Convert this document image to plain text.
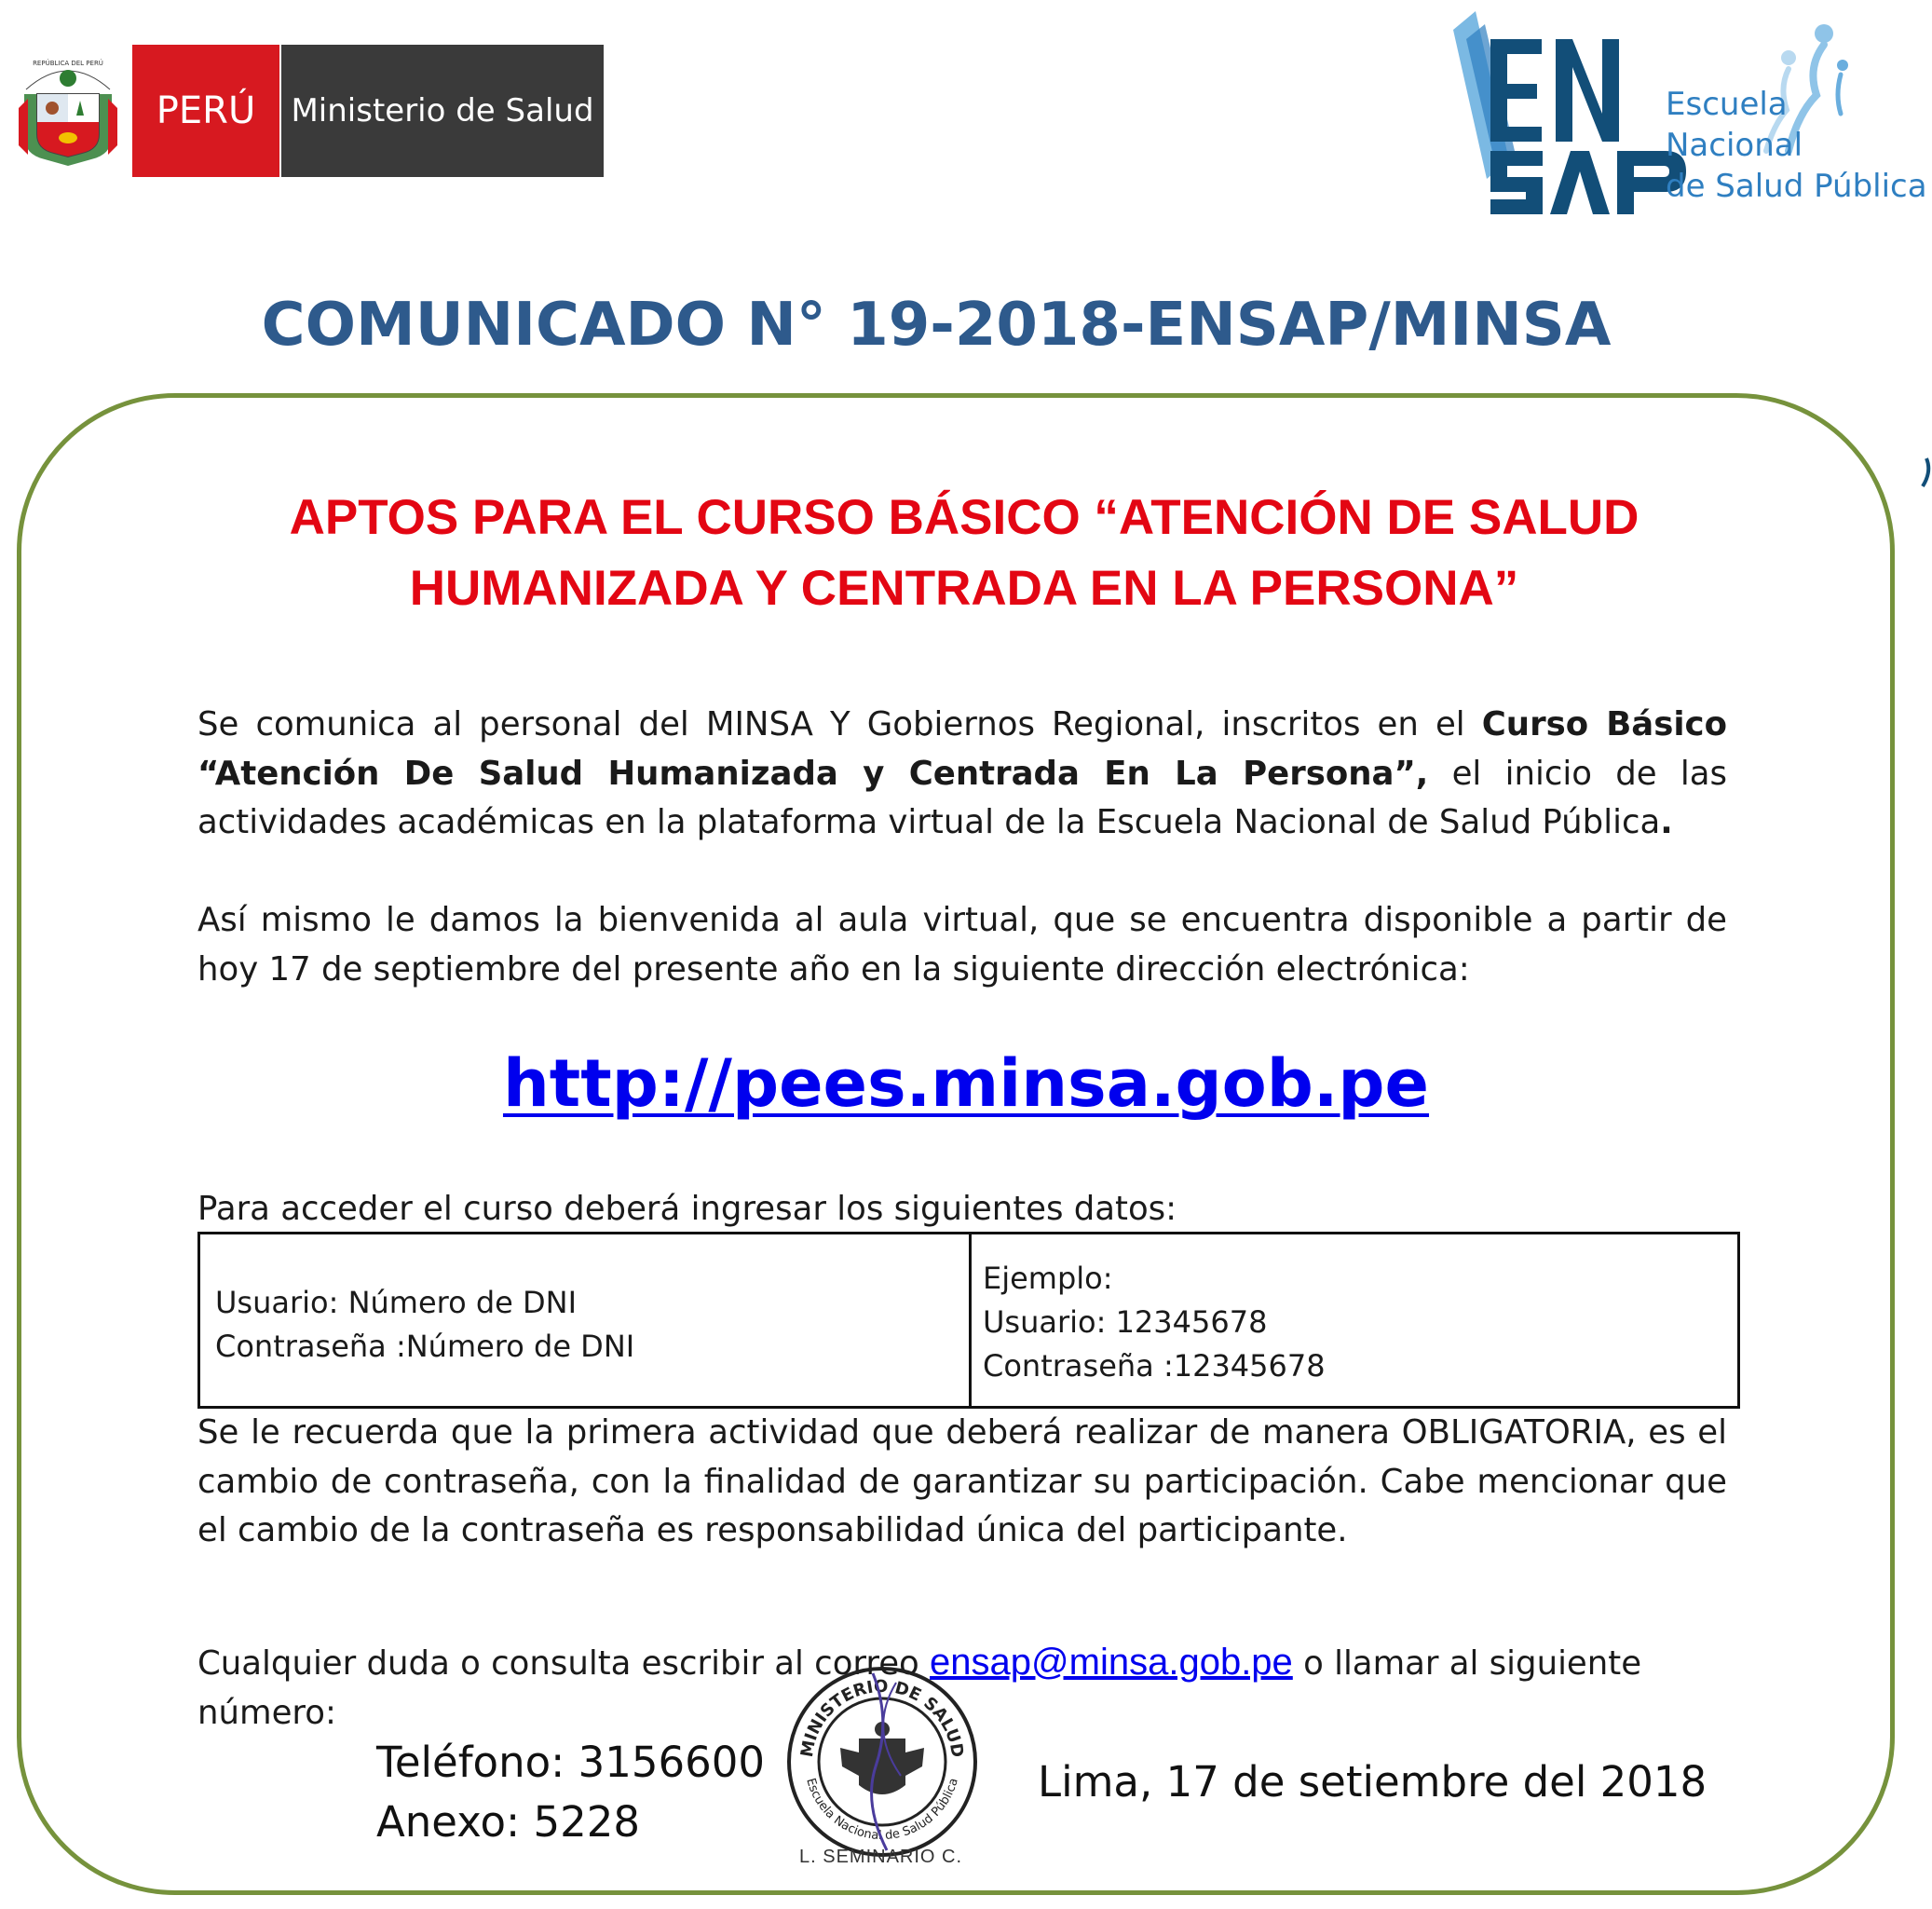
REPÚBLICA DEL PERÚ
PERÚ	Ministerio de Salud	Escuela Nacional
de Salud Pública
COMUNICADO N° 19-2018-ENSAP/MINSA
APTOS PARA EL CURSO BÁSICO “ATENCIÓN DE SALUD
HUMANIZADA Y CENTRADA EN LA PERSONA”
Se comunica al personal del MINSA Y Gobiernos Regional, inscritos en el Curso Básico “Atención De Salud Humanizada y Centrada En La Persona”, el inicio de las actividades académicas en la plataforma virtual de la Escuela Nacional de Salud Pública.
Así mismo le damos la bienvenida al aula virtual, que se encuentra disponible a partir de hoy 17 de septiembre del presente año en la siguiente dirección electrónica:
http://pees.minsa.gob.pe
Para acceder el curso deberá ingresar los siguientes datos:
Usuario: Número de DNI
Contraseña :Número de DNI
Ejemplo:
Usuario: 12345678
Contraseña :12345678
Se le recuerda que la primera actividad que deberá realizar de manera OBLIGATORIA, es el cambio de contraseña, con la finalidad de garantizar su participación. Cabe mencionar que el cambio de la contraseña es responsabilidad única del participante.
Cualquier duda o consulta escribir al correo ensap@minsa.gob.pe o llamar al siguiente
número:
Teléfono: 3156600
Anexo: 5228
MINISTERIO DE SALUD
Escuela Nacional de Salud Pública
L. SEMINARIO C.
Lima, 17 de setiembre del 2018
